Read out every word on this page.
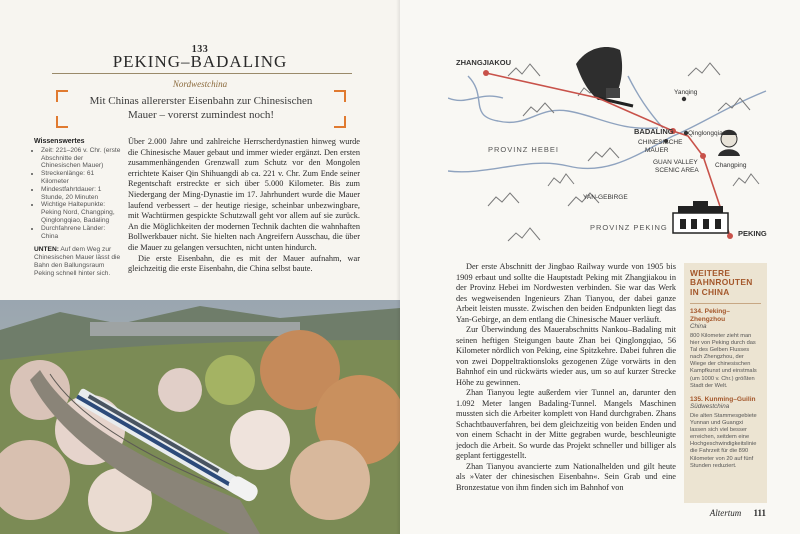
133
PEKING–BADALING
Nordwestchina

Mit Chinas allererster Eisenbahn zur Chinesischen Mauer – vorerst zumindest noch!

Wissenswertes
• Zeit: 221–206 v. Chr. (erste Abschnitte der Chinesischen Mauer)
• Streckenlänge: 61 Kilometer
• Mindestfahrtdauer: 1 Stunde, 20 Minuten
• Wichtige Haltepunkte: Peking Nord, Changping, Qinglongqiao, Badaling
• Durchfahrene Länder: China
UNTEN: Auf dem Weg zur Chinesischen Mauer lässt die Bahn den Ballungsraum Peking schnell hinter sich.

Über 2.000 Jahre und zahlreiche Herrscherdynastien hinweg wurde die Chinesische Mauer gebaut und immer wieder ergänzt. Den ersten zusammenhängenden Grenzwall zum Schutz vor den Mongolen errichtete Kaiser Qin Shihuangdi ab ca. 221 v. Chr. Zum Ende seiner Regentschaft erstreckte er sich über 5.000 Kilometer. Bis zum Niedergang der Ming-Dynastie im 17. Jahrhundert wurde die Mauer laufend verbessert – der heutige riesige, scheinbar unbezwingbare, mit Wachtürmen gespickte Schutzwall geht vor allem auf sie zurück. An die Möglichkeiten der modernen Technik dachten die wahnhaften Bollwerkbauer nicht. Sie hielten nach Angreifern Ausschau, die über die Mauer zu gelangen versuchten, nicht unten hindurch.

Die erste Eisenbahn, die es mit der Mauer aufnahm, war gleichzeitig die erste Eisenbahn, die China selbst baute.

ZHANGJIAKOU
BADALING
PEKING
Yanqing
Qinglongqiao
Changping
CHINESISCHE
MAUER
GUAN VALLEY
SCENIC AREA
YAN-GEBIRGE
PROVINZ HEBEI
PROVINZ PEKING

Der erste Abschnitt der Jingbao Railway wurde von 1905 bis 1909 erbaut und sollte die Hauptstadt Peking mit Zhangjiakou in der Provinz Hebei im Nordwesten verbinden. Sie war das Werk des wegweisenden Ingenieurs Zhan Tianyou, der dabei ganze Arbeit leisten musste. Zwischen den beiden Endpunkten liegt das Yan-Gebirge, an dem entlang die Chinesische Mauer verläuft.

Zur Überwindung des Mauerabschnitts Nankou–Badaling mit seinen heftigen Steigungen baute Zhan bei Qinglongqiao, 56 Kilometer nördlich von Peking, eine Spitzkehre. Dabei fuhren die von zwei Doppeltraktionsloks gezogenen Züge vorwärts in den Bahnhof ein und rückwärts wieder aus, um so auf kurzer Strecke Höhe zu gewinnen.

Zhan Tianyou legte außerdem vier Tunnel an, darunter den 1.092 Meter langen Badaling-Tunnel. Mangels Maschinen mussten sich die Arbeiter komplett von Hand durchgraben. Zhans Schachtbauverfahren, bei dem gleichzeitig von beiden Enden und von einem Schacht in der Mitte gegraben wurde, beschleunigte jedoch die Arbeit. So wurde das Projekt schneller und billiger als geplant fertiggestellt.

Zhan Tianyou avancierte zum Nationalhelden und gilt heute als »Vater der chinesischen Eisenbahn«. Sein Grab und eine Bronzestatue von ihm finden sich im Bahnhof von

WEITERE BAHNROUTEN IN CHINA
134. Peking–Zhengzhou
China
800 Kilometer zieht man hier von Peking durch das Tal des Gelben Flusses nach Zhengzhou, der Wiege der chinesischen Kampfkunst und einstmals (um 1000 v. Chr.) größten Stadt der Welt.
135. Kunming–Guilin
Südwestchina
Die alten Stammesgebiete Yunnan und Guangxi lassen sich viel besser erreichen, seitdem eine Hochgeschwindigkeitslinie die Fahrzeit für die 890 Kilometer von 20 auf fünf Stunden reduziert.
Altertum 111
